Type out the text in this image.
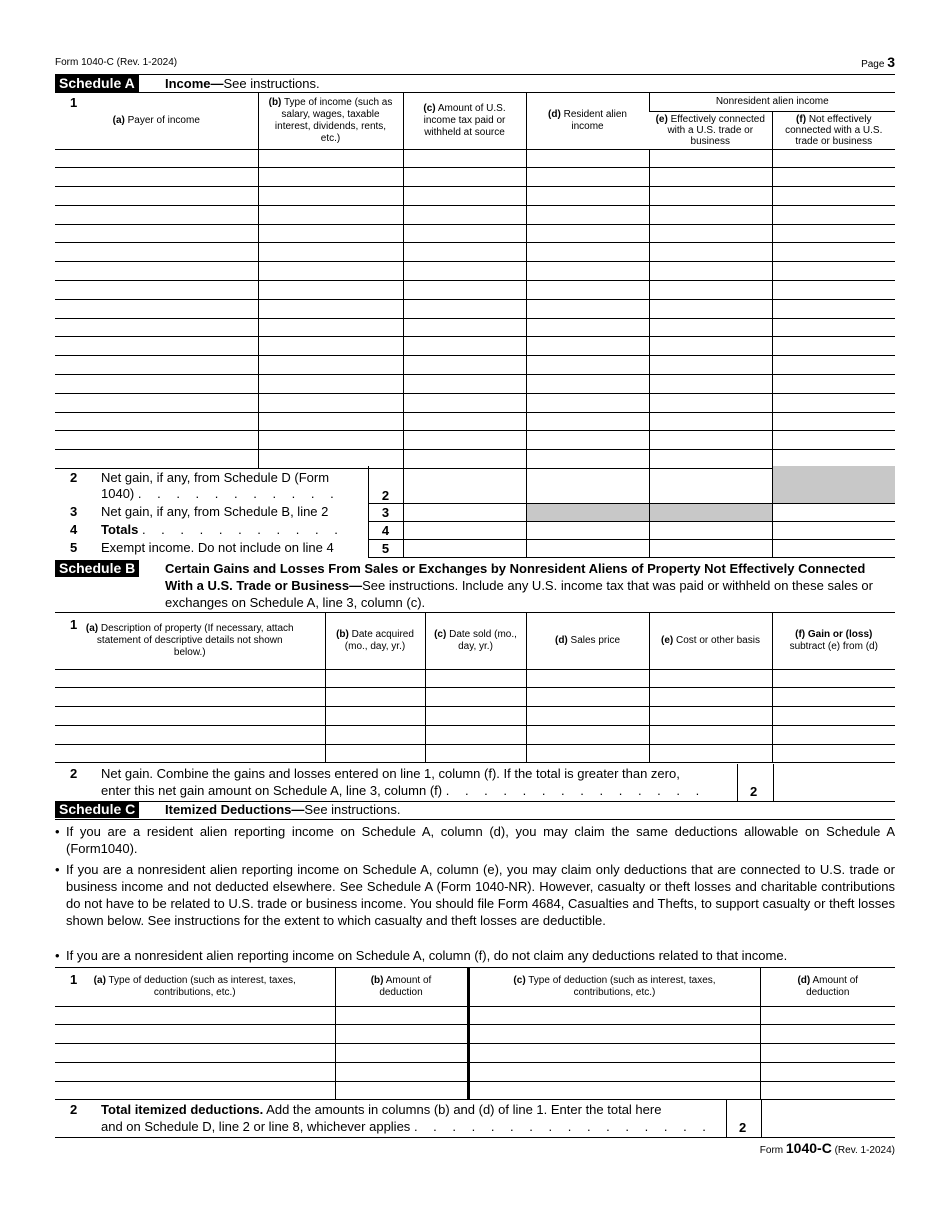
Form 1040-C (Rev. 1-2024)	Page 3
Schedule A	Income—See instructions.
1
(a) Payer of income	(b) Type of income (such as salary, wages, taxable interest, dividends, rents, etc.)	(c) Amount of U.S. income tax paid or withheld at source	(d) Resident alien income	Nonresident alien income	
				(e) Effectively connected with a U.S. trade or business	(f) Not effectively connected with a U.S. trade or business

2 Net gain, if any, from Schedule D (Form
1040) . . . . . . . . . . .	2				

3 Net gain, if any, from Schedule B, line 2	3				

4 Totals . . . . . . . . . . .	4				

5 Exempt income. Do not include on line 4	5				
Schedule B	Certain Gains and Losses From Sales or Exchanges by Nonresident Aliens of Property Not Effectively Connected With a U.S. Trade or Business—See instructions. Include any U.S. income tax that was paid or withheld on these sales or exchanges on Schedule A, line 3, column (c).
1 (a) Description of property (If necessary, attach statement of descriptive details not shown below.)	(b) Date acquired (mo., day, yr.)	(c) Date sold (mo., day, yr.)	(d) Sales price	(e) Cost or other basis	(f) Gain or (loss) subtract (e) from (d)

2 Net gain. Combine the gains and losses entered on line 1, column (f). If the total is greater than zero,
enter this net gain amount on Schedule A, line 3, column (f) . . . . . . . . . . . . . .	2
Schedule C	Itemized Deductions—See instructions.
• If you are a resident alien reporting income on Schedule A, column (d), you may claim the same deductions allowable on Schedule A (Form1040).
• If you are a nonresident alien reporting income on Schedule A, column (e), you may claim only deductions that are connected to U.S. trade or business income and not deducted elsewhere. See Schedule A (Form 1040-NR). However, casualty or theft losses and charitable contributions do not have to be related to U.S. trade or business income. You should file Form 4684, Casualties and Thefts, to support casualty or theft losses shown below. See instructions for the extent to which casualty and theft losses are deductible.
• If you are a nonresident alien reporting income on Schedule A, column (f), do not claim any deductions related to that income.
1 (a) Type of deduction (such as interest, taxes, contributions, etc.)	(b) Amount of deduction	(c) Type of deduction (such as interest, taxes, contributions, etc.)	(d) Amount of deduction

2 Total itemized deductions. Add the amounts in columns (b) and (d) of line 1. Enter the total here
and on Schedule D, line 2 or line 8, whichever applies . . . . . . . . . . . . . . . . 2
Form 1040-C (Rev. 1-2024)
